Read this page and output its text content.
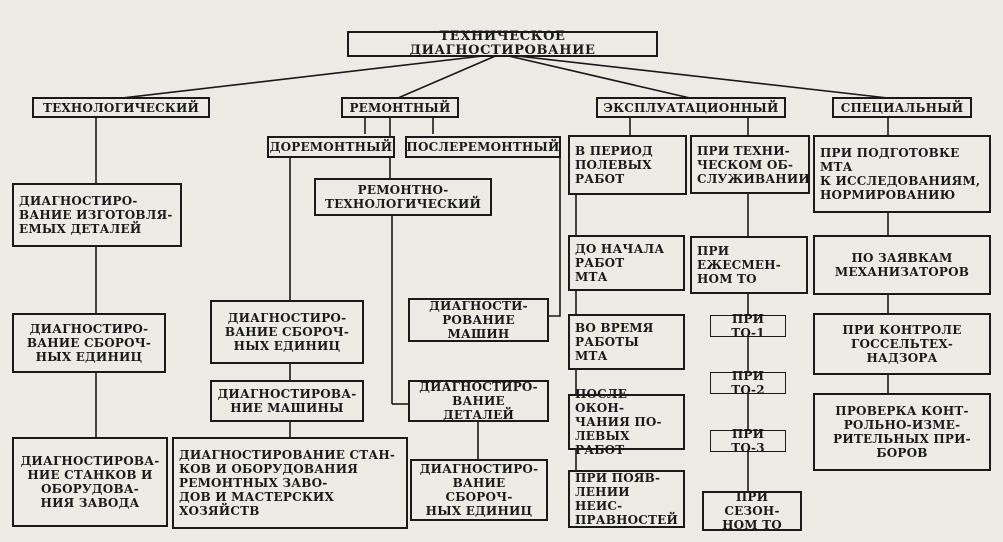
ТЕХНИЧЕСКОЕ ДИАГНОСТИРОВАНИЕ
ТЕХНОЛОГИЧЕСКИЙ	РЕМОНТНЫЙ	ЭКСПЛУАТАЦИОННЫЙ	СПЕЦИАЛЬНЫЙ
ДИАГНОСТИРО-
ВАНИЕ ИЗГОТОВЛЯ-
ЕМЫХ ДЕТАЛЕЙ
ДИАГНОСТИРО-
ВАНИЕ СБОРОЧ-
НЫХ ЕДИНИЦ
ДИАГНОСТИРОВА-
НИЕ СТАНКОВ И
ОБОРУДОВА-
НИЯ ЗАВОДА
ДОРЕМОНТНЫЙ ПОСЛЕРЕМОНТНЫЙ
РЕМОНТНО-
ТЕХНОЛОГИЧЕСКИЙ
ДИАГНОСТИРО-
ВАНИЕ СБОРОЧ-
НЫХ ЕДИНИЦ
ДИАГНОСТИРОВА-
НИЕ МАШИНЫ
ДИАГНОСТИРОВАНИЕ СТАН-
КОВ И ОБОРУДОВАНИЯ
РЕМОНТНЫХ ЗАВО-
ДОВ И МАСТЕРСКИХ
ХОЗЯЙСТВ
ДИАГНОСТИ-
РОВАНИЕ МАШИН
ДИАГНОСТИРО-
ВАНИЕ ДЕТАЛЕЙ
ДИАГНОСТИРО-
ВАНИЕ СБОРОЧ-
НЫХ ЕДИНИЦ
В ПЕРИОД
ПОЛЕВЫХ
РАБОТ
ДО НАЧАЛА
РАБОТ
МТА
ВО ВРЕМЯ
РАБОТЫ
МТА
ПОСЛЕ ОКОН-
ЧАНИЯ ПО-
ЛЕВЫХ РАБОТ
ПРИ ПОЯВ-
ЛЕНИИ НЕИС-
ПРАВНОСТЕЙ
ПРИ ТЕХНИ-
ЧЕСКОМ ОБ-
СЛУЖИВАНИИ
ПРИ ЕЖЕСМЕН-
НОМ ТО
ПРИ ТО-1
ПРИ ТО-2
ПРИ ТО-3
ПРИ СЕЗОН-
НОМ ТО
ПРИ ПОДГОТОВКЕ
МТА
К ИССЛЕДОВАНИЯМ,
НОРМИРОВАНИЮ
ПО ЗАЯВКАМ
МЕХАНИЗАТОРОВ
ПРИ КОНТРОЛЕ
ГОССЕЛЬТЕХ-
НАДЗОРА
ПРОВЕРКА КОНТ-
РОЛЬНО-ИЗМЕ-
РИТЕЛЬНЫХ ПРИ-
БОРОВ
